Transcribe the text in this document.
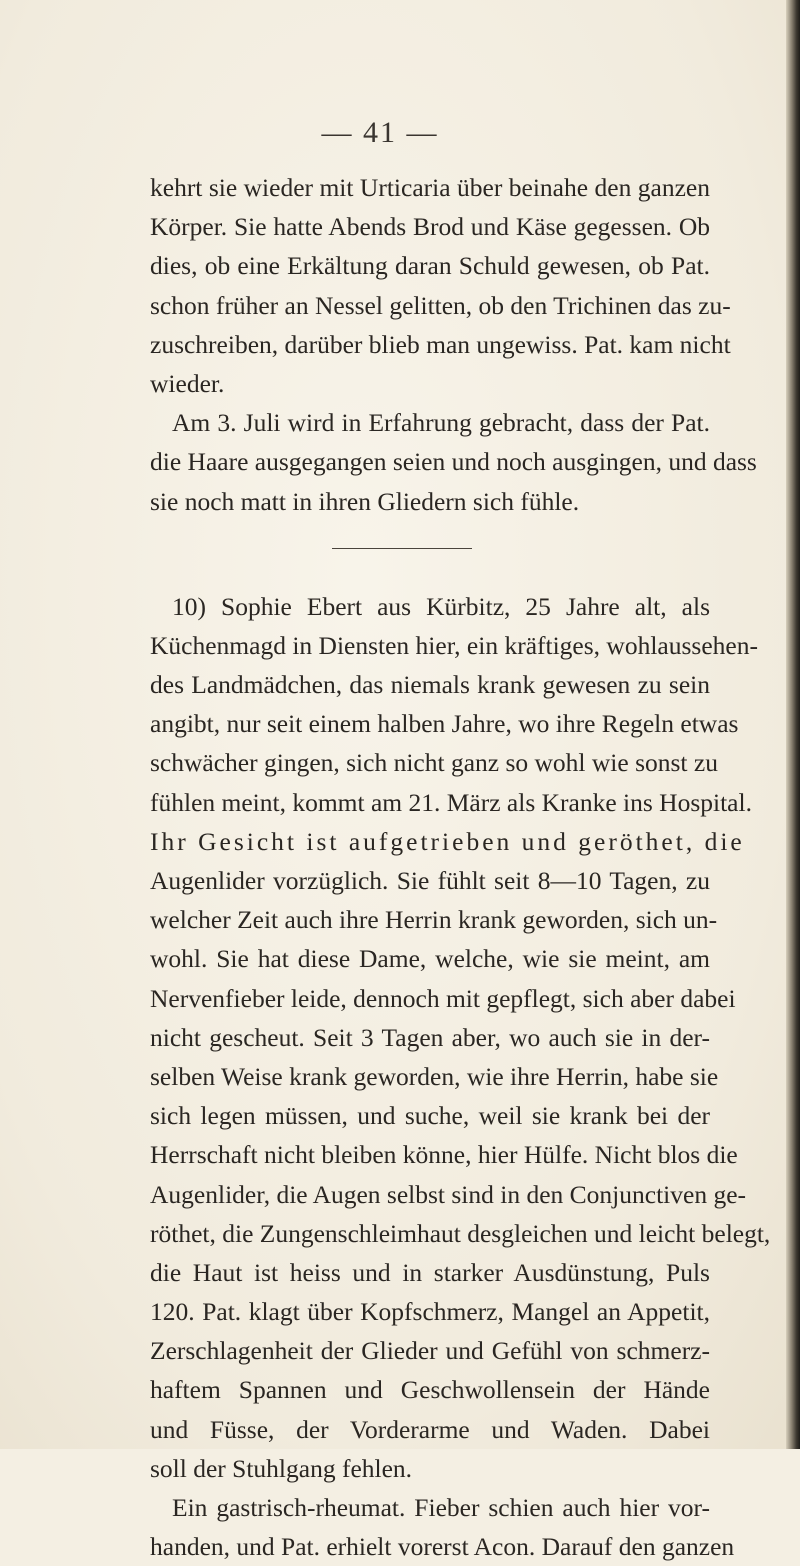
— 41 —
kehrt sie wieder mit Urticaria über beinahe den ganzen
Körper. Sie hatte Abends Brod und Käse gegessen. Ob
dies, ob eine Erkältung daran Schuld gewesen, ob Pat.
schon früher an Nessel gelitten, ob den Trichinen das zu-
zuschreiben, darüber blieb man ungewiss. Pat. kam nicht
wieder.
Am 3. Juli wird in Erfahrung gebracht, dass der Pat.
die Haare ausgegangen seien und noch ausgingen, und dass
sie noch matt in ihren Gliedern sich fühle.
10) Sophie Ebert aus Kürbitz, 25 Jahre alt, als
Küchenmagd in Diensten hier, ein kräftiges, wohlaussehen-
des Landmädchen, das niemals krank gewesen zu sein
angibt, nur seit einem halben Jahre, wo ihre Regeln etwas
schwächer gingen, sich nicht ganz so wohl wie sonst zu
fühlen meint, kommt am 21. März als Kranke ins Hospital.
Ihr Gesicht ist aufgetrieben und geröthet, die
Augenlider vorzüglich. Sie fühlt seit 8—10 Tagen, zu
welcher Zeit auch ihre Herrin krank geworden, sich un-
wohl. Sie hat diese Dame, welche, wie sie meint, am
Nervenfieber leide, dennoch mit gepflegt, sich aber dabei
nicht gescheut. Seit 3 Tagen aber, wo auch sie in der-
selben Weise krank geworden, wie ihre Herrin, habe sie
sich legen müssen, und suche, weil sie krank bei der
Herrschaft nicht bleiben könne, hier Hülfe. Nicht blos die
Augenlider, die Augen selbst sind in den Conjunctiven ge-
röthet, die Zungenschleimhaut desgleichen und leicht belegt,
die Haut ist heiss und in starker Ausdünstung, Puls
120. Pat. klagt über Kopfschmerz, Mangel an Appetit,
Zerschlagenheit der Glieder und Gefühl von schmerz-
haftem Spannen und Geschwollensein der Hände
und Füsse, der Vorderarme und Waden. Dabei
soll der Stuhlgang fehlen.
Ein gastrisch-rheumat. Fieber schien auch hier vor-
handen, und Pat. erhielt vorerst Acon. Darauf den ganzen
